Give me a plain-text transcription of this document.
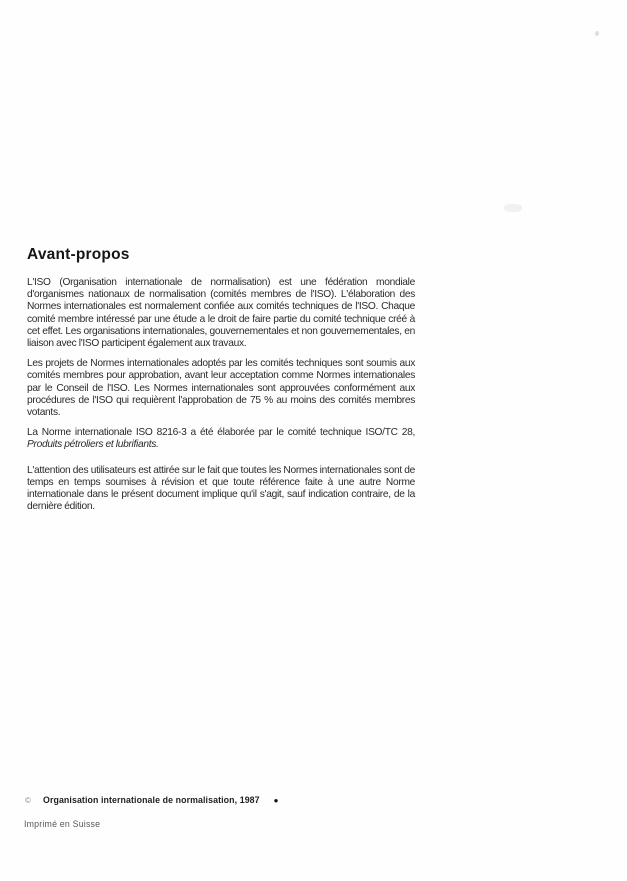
Avant-propos

L'ISO (Organisation internationale de normalisation) est une fédération mondiale d'organismes nationaux de normalisation (comités membres de l'ISO). L'élaboration des Normes internationales est normalement confiée aux comités techniques de l'ISO. Chaque comité membre intéressé par une étude a le droit de faire partie du comité technique créé à cet effet. Les organisations internationales, gouvernementales et non gouvernementales, en liaison avec l'ISO participent également aux travaux.

Les projets de Normes internationales adoptés par les comités techniques sont soumis aux comités membres pour approbation, avant leur acceptation comme Normes internationales par le Conseil de l'ISO. Les Normes internationales sont approuvées conformément aux procédures de l'ISO qui requièrent l'approbation de 75 % au moins des comités membres votants.

La Norme internationale ISO 8216-3 a été élaborée par le comité technique ISO/TC 28, Produits pétroliers et lubrifiants.

L'attention des utilisateurs est attirée sur le fait que toutes les Normes internationales sont de temps en temps soumises à révision et que toute référence faite à une autre Norme internationale dans le présent document implique qu'il s'agit, sauf indication contraire, de la dernière édition.

© Organisation internationale de normalisation, 1987 ●
Imprimé en Suisse
